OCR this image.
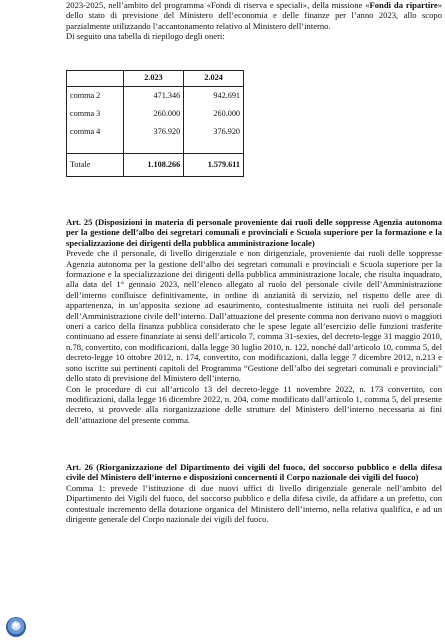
2023-2025, nell’ambito del programma «Fondi di riserva e speciali», della missione «Fondi da ripartire» dello stato di previsione del Ministero dell’economia e delle finanze per l’anno 2023, allo scopo parzialmente utilizzando l’accantonamento relativo al Ministero dell’interno.

Di seguito una tabella di riepilogo degli oneri:

	2.023	2.024
comma 2	471.346	942.691
comma 3	260.000	260.000
comma 4	376.920	376.920

Totale	1.108.266	1.579.611

Art. 25 (Disposizioni in materia di personale proveniente dai ruoli delle soppresse Agenzia autonoma per la gestione dell’albo dei segretari comunali e provinciali e Scuola superiore per la formazione e la specializzazione dei dirigenti della pubblica amministrazione locale)

Prevede che il personale, di livello dirigenziale e non dirigenziale, proveniente dai ruoli delle soppresse Agenzia autonoma per la gestione dell’albo dei segretari comunali e provinciali e Scuola superiore per la formazione e la specializzazione dei dirigenti della pubblica amministrazione locale, che risulta inquadrato, alla data del 1° gennaio 2023, nell’elenco allegato al ruolo del personale civile dell’Amministrazione dell’interno confluisce definitivamente, in ordine di anzianità di servizio, nel rispetto delle aree di appartenenza, in un’apposita sezione ad esaurimento, contestualmente istituita nei ruoli del personale dell’Amministrazione civile dell’interno. Dall’attuazione del presente comma non derivano nuovi o maggiori oneri a carico della finanza pubblica considerato che le spese legate all’esercizio delle funzioni trasferite continuano ad essere finanziate ai sensi dell’articolo 7, comma 31-sexies, del decreto-legge 31 maggio 2010, n.78, convertito, con modificazioni, dalla legge 30 luglio 2010, n. 122, nonché dall’articolo 10, comma 5, del decreto-legge 10 ottobre 2012, n. 174, convertito, con modificazioni, dalla legge 7 dicembre 2012, n.213 e sono iscritte sui pertinenti capitoli del Programma “Gestione dell’albo dei segretari comunali e provinciali” dello stato di previsione del Ministero dell’interno.

Con le procedure di cui all’articolo 13 del decreto-legge 11 novembre 2022, n. 173 convertito, con modificazioni, dalla legge 16 dicembre 2022, n. 204, come modificato dall’articolo 1, comma 5, del presente decreto, si provvede alla riorganizzazione delle strutture del Ministero dell’interno necessaria ai fini dell’attuazione del presente comma.

Art. 26 (Riorganizzazione del Dipartimento dei vigili del fuoco, del soccorso pubblico e della difesa civile del Ministero dell’interno e disposizioni concernenti il Corpo nazionale dei vigili del fuoco)

Comma 1: prevede l’istituzione di due nuovi uffici di livello dirigenziale generale nell’ambito del Dipartimento dei Vigili del fuoco, del soccorso pubblico e della difesa civile, da affidare a un prefetto, con contestuale incremento della dotazione organica del Ministero dell’interno, nella relativa qualifica, e ad un dirigente generale del Corpo nazionale dei vigili del fuoco.

★
